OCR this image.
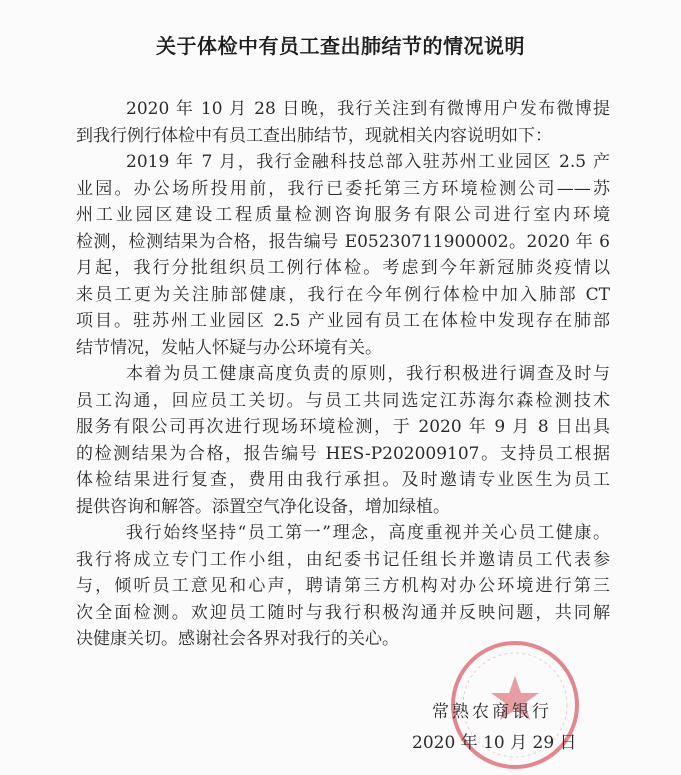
关于体检中有员工查出肺结节的情况说明
2020 年 10 月 28 日晚，我行关注到有微博用户发布微博提
到我行例行体检中有员工查出肺结节，现就相关内容说明如下：
2019 年 7 月，我行金融科技总部入驻苏州工业园区 2.5 产
业园。办公场所投用前，我行已委托第三方环境检测公司——苏
州工业园区建设工程质量检测咨询服务有限公司进行室内环境
检测，检测结果为合格，报告编号 E05230711900002。2020 年 6
月起，我行分批组织员工例行体检。考虑到今年新冠肺炎疫情以
来员工更为关注肺部健康，我行在今年例行体检中加入肺部 CT
项目。驻苏州工业园区 2.5 产业园有员工在体检中发现存在肺部
结节情况，发帖人怀疑与办公环境有关。
本着为员工健康高度负责的原则，我行积极进行调查及时与
员工沟通，回应员工关切。与员工共同选定江苏海尔森检测技术
服务有限公司再次进行现场环境检测，于 2020 年 9 月 8 日出具
的检测结果为合格，报告编号 HES-P202009107。支持员工根据
体检结果进行复查，费用由我行承担。及时邀请专业医生为员工
提供咨询和解答。添置空气净化设备，增加绿植。
我行始终坚持“员工第一”理念，高度重视并关心员工健康。
我行将成立专门工作小组，由纪委书记任组长并邀请员工代表参
与，倾听员工意见和心声，聘请第三方机构对办公环境进行第三
次全面检测。欢迎员工随时与我行积极沟通并反映问题，共同解
决健康关切。感谢社会各界对我行的关心。
常熟农商银行
2020 年 10 月 29 日
